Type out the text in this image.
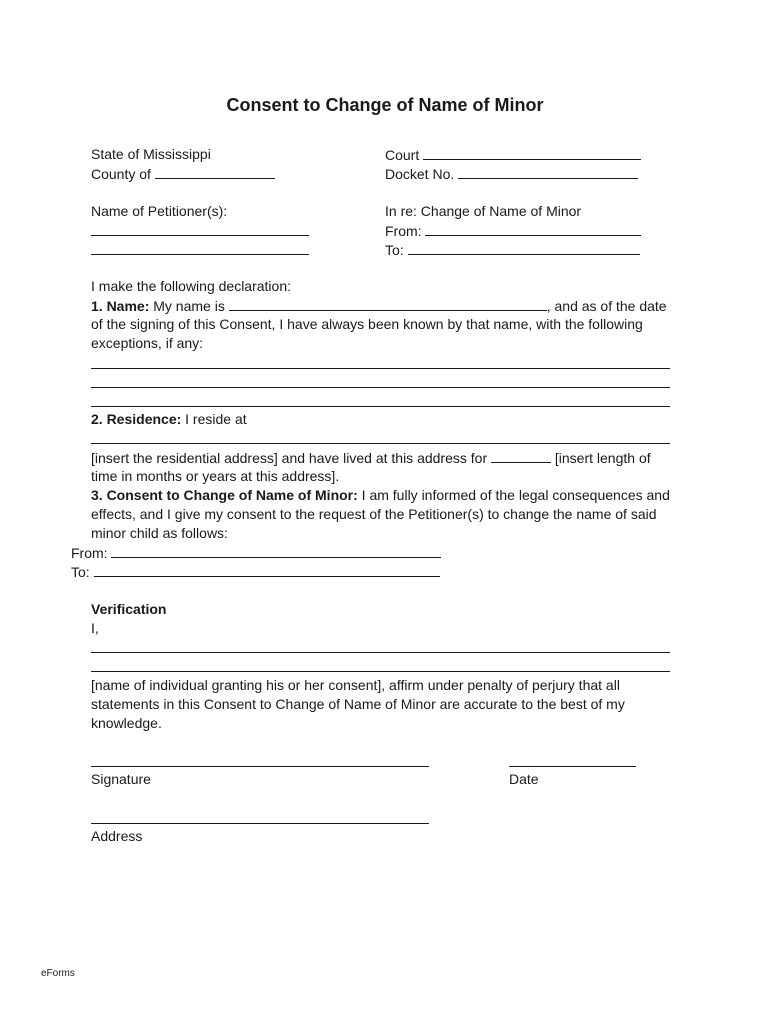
Consent to Change of Name of Minor
State of Mississippi
County of
Court
Docket No.
Name of Petitioner(s):	In re: Change of Name of Minor
From:
To:
I make the following declaration:
1. Name: My name is	, and as of the date
of the signing of this Consent, I have always been known by that name, with the following
exceptions, if any:
2. Residence: I reside at
[insert the residential address] and have lived at this address for	[insert length of
time in months or years at this address].
3. Consent to Change of Name of Minor: I am fully informed of the legal consequences and
effects, and I give my consent to the request of the Petitioner(s) to change the name of said
minor child as follows:
From:
To:
Verification
I,
[name of individual granting his or her consent], affirm under penalty of perjury that all
statements in this Consent to Change of Name of Minor are accurate to the best of my
knowledge.
Signature	Date
Address
eForms
